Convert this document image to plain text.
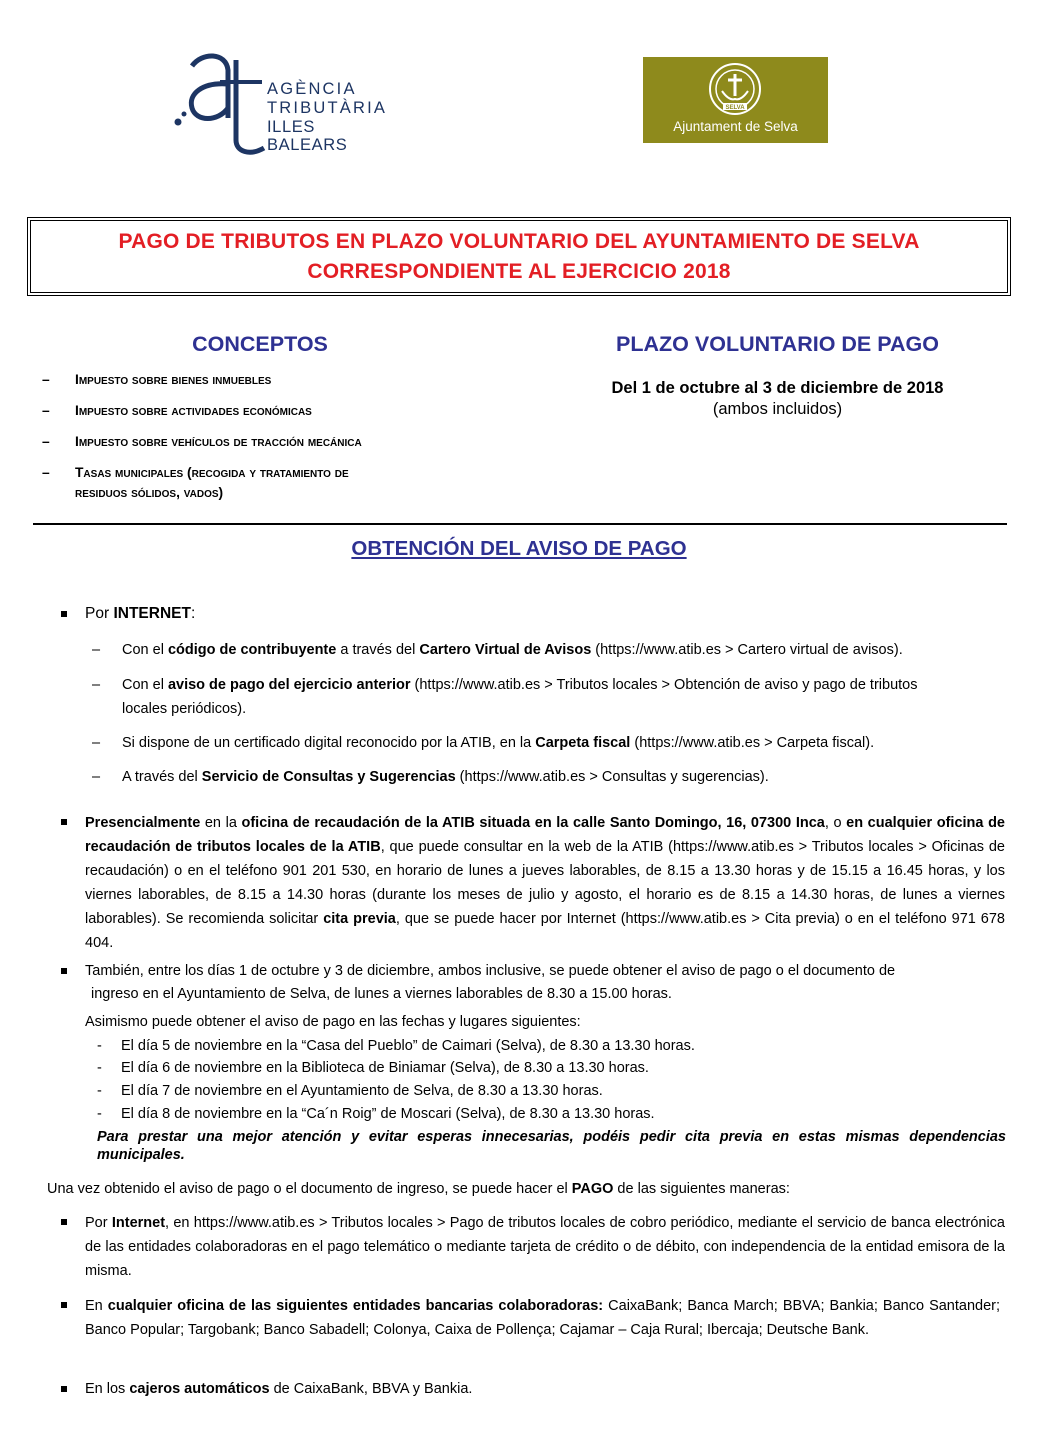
AGÈNCIA
TRIBUTÀRIA
ILLES BALEARS
SELVA
Ajuntament de Selva
PAGO DE TRIBUTOS EN PLAZO VOLUNTARIO DEL AYUNTAMIENTO DE SELVA
CORRESPONDIENTE AL EJERCICIO 2018
CONCEPTOS
– Impuesto sobre bienes inmuebles
– Impuesto sobre actividades económicas
– Impuesto sobre vehículos de tracción mecánica
– Tasas municipales (recogida y tratamiento de
residuos sólidos, vados)
PLAZO VOLUNTARIO DE PAGO
Del 1 de octubre al 3 de diciembre de 2018
(ambos incluidos)
OBTENCIÓN DEL AVISO DE PAGO
Por INTERNET:
– Con el código de contribuyente a través del Cartero Virtual de Avisos (https://www.atib.es > Cartero virtual de avisos).
– Con el aviso de pago del ejercicio anterior (https://www.atib.es > Tributos locales > Obtención de aviso y pago de tributos
locales periódicos).
– Si dispone de un certificado digital reconocido por la ATIB, en la Carpeta fiscal (https://www.atib.es > Carpeta fiscal).
– A través del Servicio de Consultas y Sugerencias (https://www.atib.es > Consultas y sugerencias).
Presencialmente en la oficina de recaudación de la ATIB situada en la calle Santo Domingo, 16, 07300 Inca, o en cualquier oficina de recaudación de tributos locales de la ATIB, que puede consultar en la web de la ATIB (https://www.atib.es > Tributos locales > Oficinas de recaudación) o en el teléfono 901 201 530, en horario de lunes a jueves laborables, de 8.15 a 13.30 horas y de 15.15 a 16.45 horas, y los viernes laborables, de 8.15 a 14.30 horas (durante los meses de julio y agosto, el horario es de 8.15 a 14.30 horas, de lunes a viernes laborables). Se recomienda solicitar cita previa, que se puede hacer por Internet (https://www.atib.es > Cita previa) o en el teléfono 971 678 404.
También, entre los días 1 de octubre y 3 de diciembre, ambos inclusive, se puede obtener el aviso de pago o el documento de
ingreso en el Ayuntamiento de Selva, de lunes a viernes laborables de 8.30 a 15.00 horas.
Asimismo puede obtener el aviso de pago en las fechas y lugares siguientes:
- El día 5 de noviembre en la “Casa del Pueblo” de Caimari (Selva), de 8.30 a 13.30 horas.
- El día 6 de noviembre en la Biblioteca de Biniamar (Selva), de 8.30 a 13.30 horas.
- El día 7 de noviembre en el Ayuntamiento de Selva, de 8.30 a 13.30 horas.
- El día 8 de noviembre en la “Ca´n Roig” de Moscari (Selva), de 8.30 a 13.30 horas.
Para prestar una mejor atención y evitar esperas innecesarias, podéis pedir cita previa en estas mismas dependencias municipales.
Una vez obtenido el aviso de pago o el documento de ingreso, se puede hacer el PAGO de las siguientes maneras:
Por Internet, en https://www.atib.es > Tributos locales > Pago de tributos locales de cobro periódico, mediante el servicio de banca electrónica de las entidades colaboradoras en el pago telemático o mediante tarjeta de crédito o de débito, con independencia de la entidad emisora de la misma.
En cualquier oficina de las siguientes entidades bancarias colaboradoras: CaixaBank; Banca March; BBVA; Bankia; Banco Santander; Banco Popular; Targobank; Banco Sabadell; Colonya, Caixa de Pollença; Cajamar – Caja Rural; Ibercaja; Deutsche Bank.
En los cajeros automáticos de CaixaBank, BBVA y Bankia.
